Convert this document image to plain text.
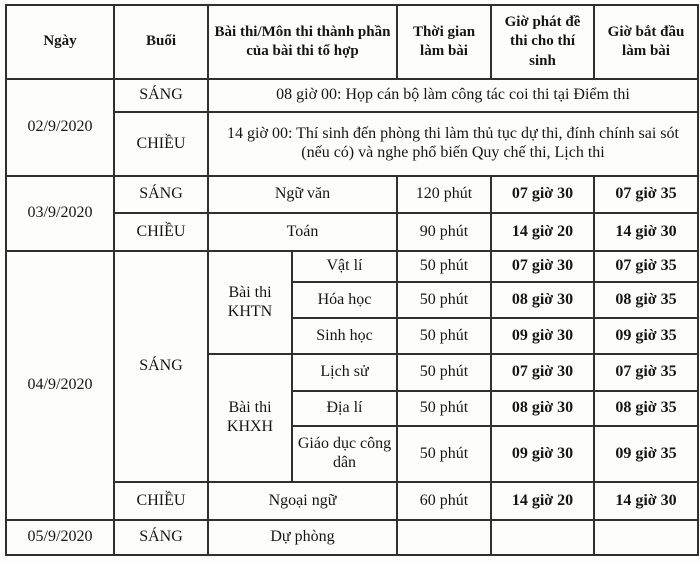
Ngày	Buổi	Bài thi/Môn thi thành phần của bài thi tổ hợp		Thời gian làm bài	Giờ phát đề thi cho thí sinh	Giờ bắt đầu làm bài
02/9/2020	SÁNG	08 giờ 00: Họp cán bộ làm công tác coi thi tại Điểm thi				
	CHIỀU	14 giờ 00: Thí sinh đến phòng thi làm thủ tục dự thi, đính chính sai sót (nếu có) và nghe phổ biến Quy chế thi, Lịch thi				
03/9/2020	SÁNG	Ngữ văn		120 phút	07 giờ 30	07 giờ 35
	CHIỀU	Toán		90 phút	14 giờ 20	14 giờ 30
04/9/2020	SÁNG	Bài thi KHTN	Vật lí	50 phút	07 giờ 30	07 giờ 35
			Hóa học	50 phút	08 giờ 30	08 giờ 35
			Sinh học	50 phút	09 giờ 30	09 giờ 35
		Bài thi KHXH	Lịch sử	50 phút	07 giờ 30	07 giờ 35
			Địa lí	50 phút	08 giờ 30	08 giờ 35
			Giáo dục công dân	50 phút	09 giờ 30	09 giờ 35
	CHIỀU	Ngoại ngữ		60 phút	14 giờ 20	14 giờ 30
05/9/2020	SÁNG	Dự phòng				
